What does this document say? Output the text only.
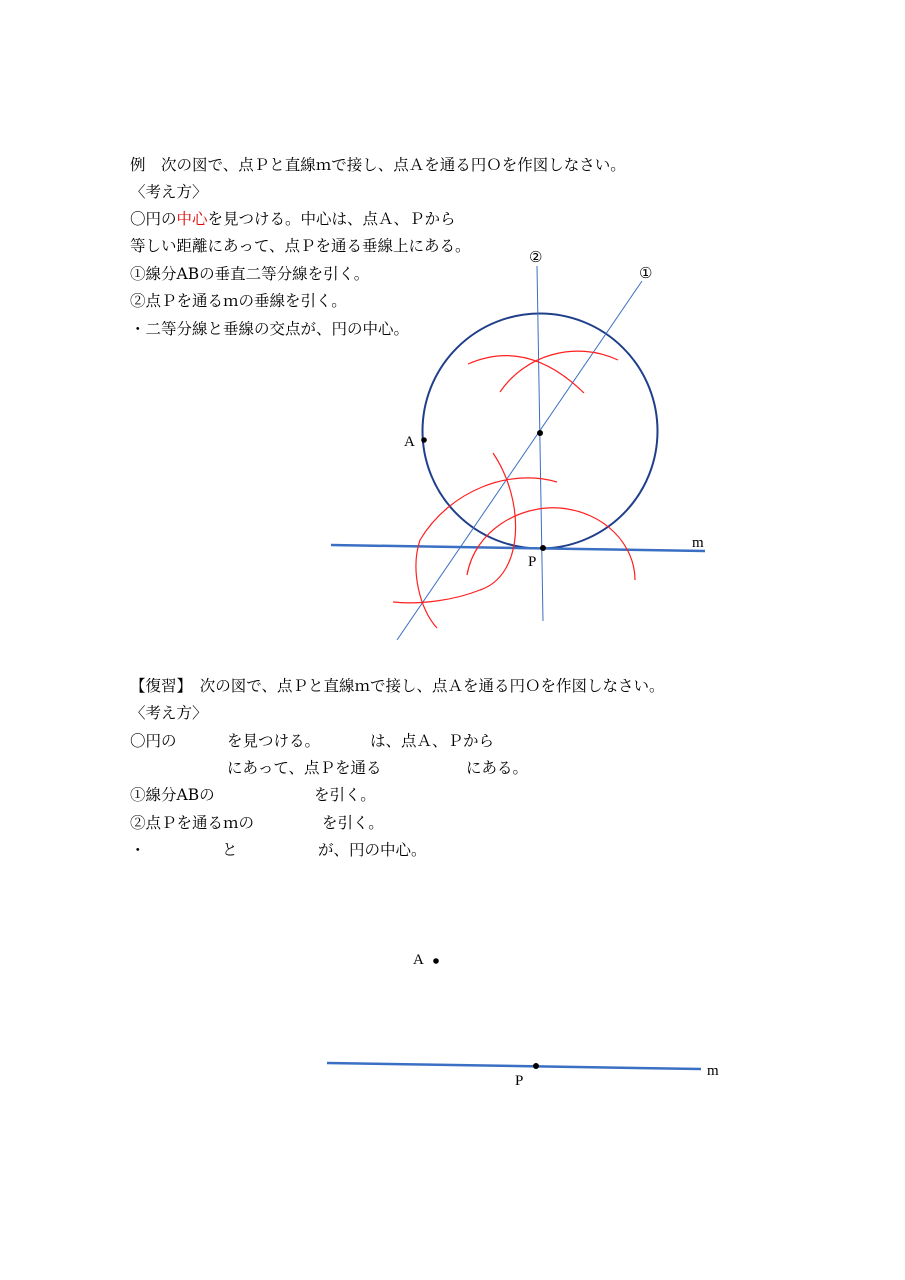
例　次の図で、点Ｐと直線ｍで接し、点Ａを通る円Ｏを作図しなさい。
〈考え方〉
〇円の中心を見つける。中心は、点Ａ、Ｐから
等しい距離にあって、点Ｐを通る垂線上にある。
①線分ABの垂直二等分線を引く。
②点Ｐを通るｍの垂線を引く。
・二等分線と垂線の交点が、円の中心。
A
P
m
②
①
A
P
m
【復習】　次の図で、点Ｐと直線ｍで接し、点Ａを通る円Ｏを作図しなさい。
〈考え方〉
〇円の	を見つける。	は、点Ａ、Ｐから
にあって、点Ｐを通る	にある。
①線分ABの	を引く。
②点Ｐを通るｍの	を引く。
・	と	が、円の中心。
